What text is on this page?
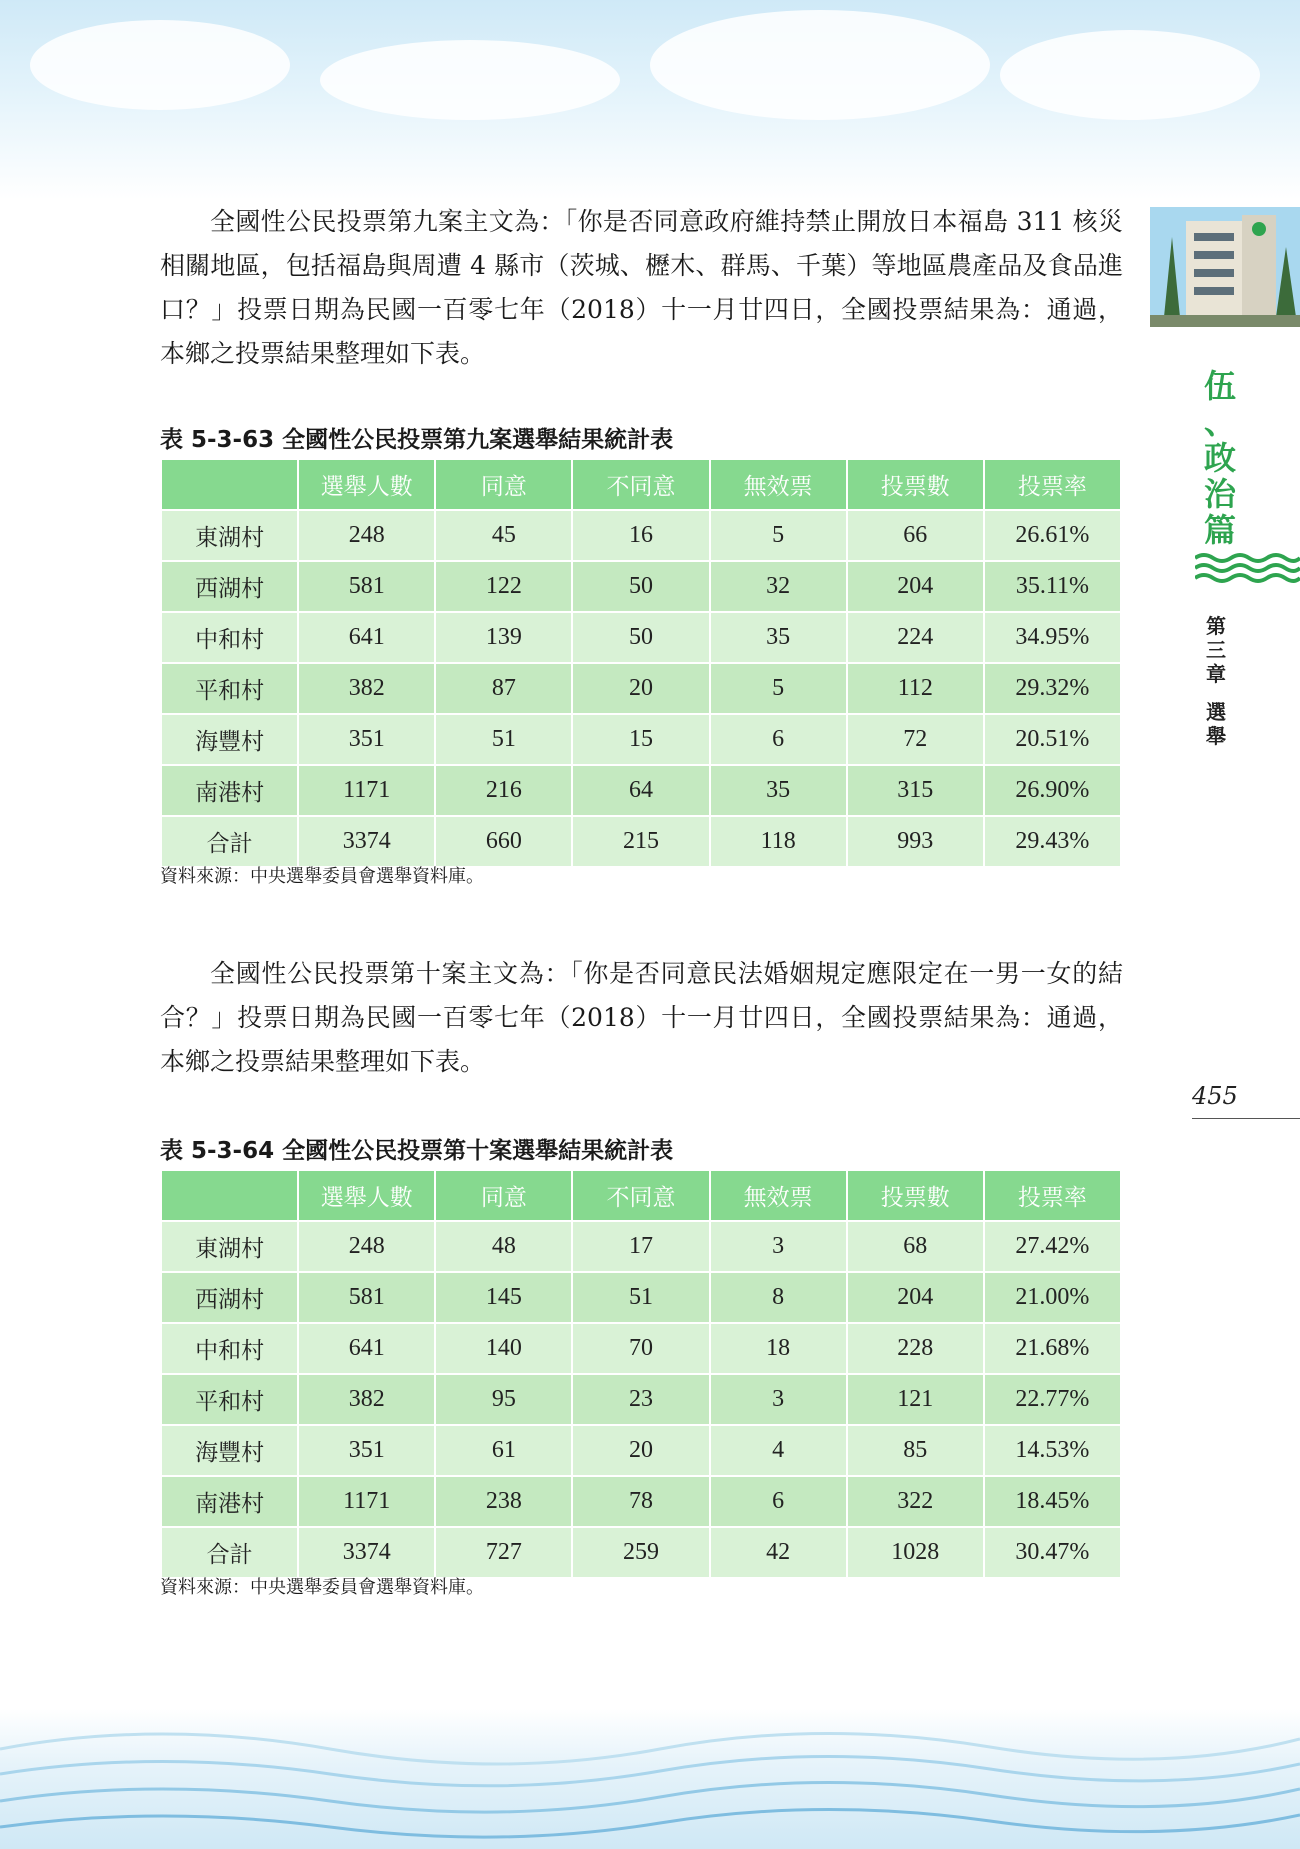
伍
、
政
治
篇
第
三
章
選
舉
455

全國性公民投票第九案主文為：「你是否同意政府維持禁止開放日本福島 311 核災相關地區，包括福島與周遭 4 縣市（茨城、櫪木、群馬、千葉）等地區農產品及食品進口？」投票日期為民國一百零七年（2018）十一月廿四日，全國投票結果為：通過，本鄉之投票結果整理如下表。

表 5-3-63 全國性公民投票第九案選舉結果統計表

	選舉人數	同意	不同意	無效票	投票數	投票率
東湖村	248	45	16	5	66	26.61%
西湖村	581	122	50	32	204	35.11%
中和村	641	139	50	35	224	34.95%
平和村	382	87	20	5	112	29.32%
海豐村	351	51	15	6	72	20.51%
南港村	1171	216	64	35	315	26.90%
合計	3374	660	215	118	993	29.43%

資料來源：中央選舉委員會選舉資料庫。

全國性公民投票第十案主文為：「你是否同意民法婚姻規定應限定在一男一女的結合？」投票日期為民國一百零七年（2018）十一月廿四日，全國投票結果為：通過，本鄉之投票結果整理如下表。

表 5-3-64 全國性公民投票第十案選舉結果統計表

	選舉人數	同意	不同意	無效票	投票數	投票率
東湖村	248	48	17	3	68	27.42%
西湖村	581	145	51	8	204	21.00%
中和村	641	140	70	18	228	21.68%
平和村	382	95	23	3	121	22.77%
海豐村	351	61	20	4	85	14.53%
南港村	1171	238	78	6	322	18.45%
合計	3374	727	259	42	1028	30.47%

資料來源：中央選舉委員會選舉資料庫。
